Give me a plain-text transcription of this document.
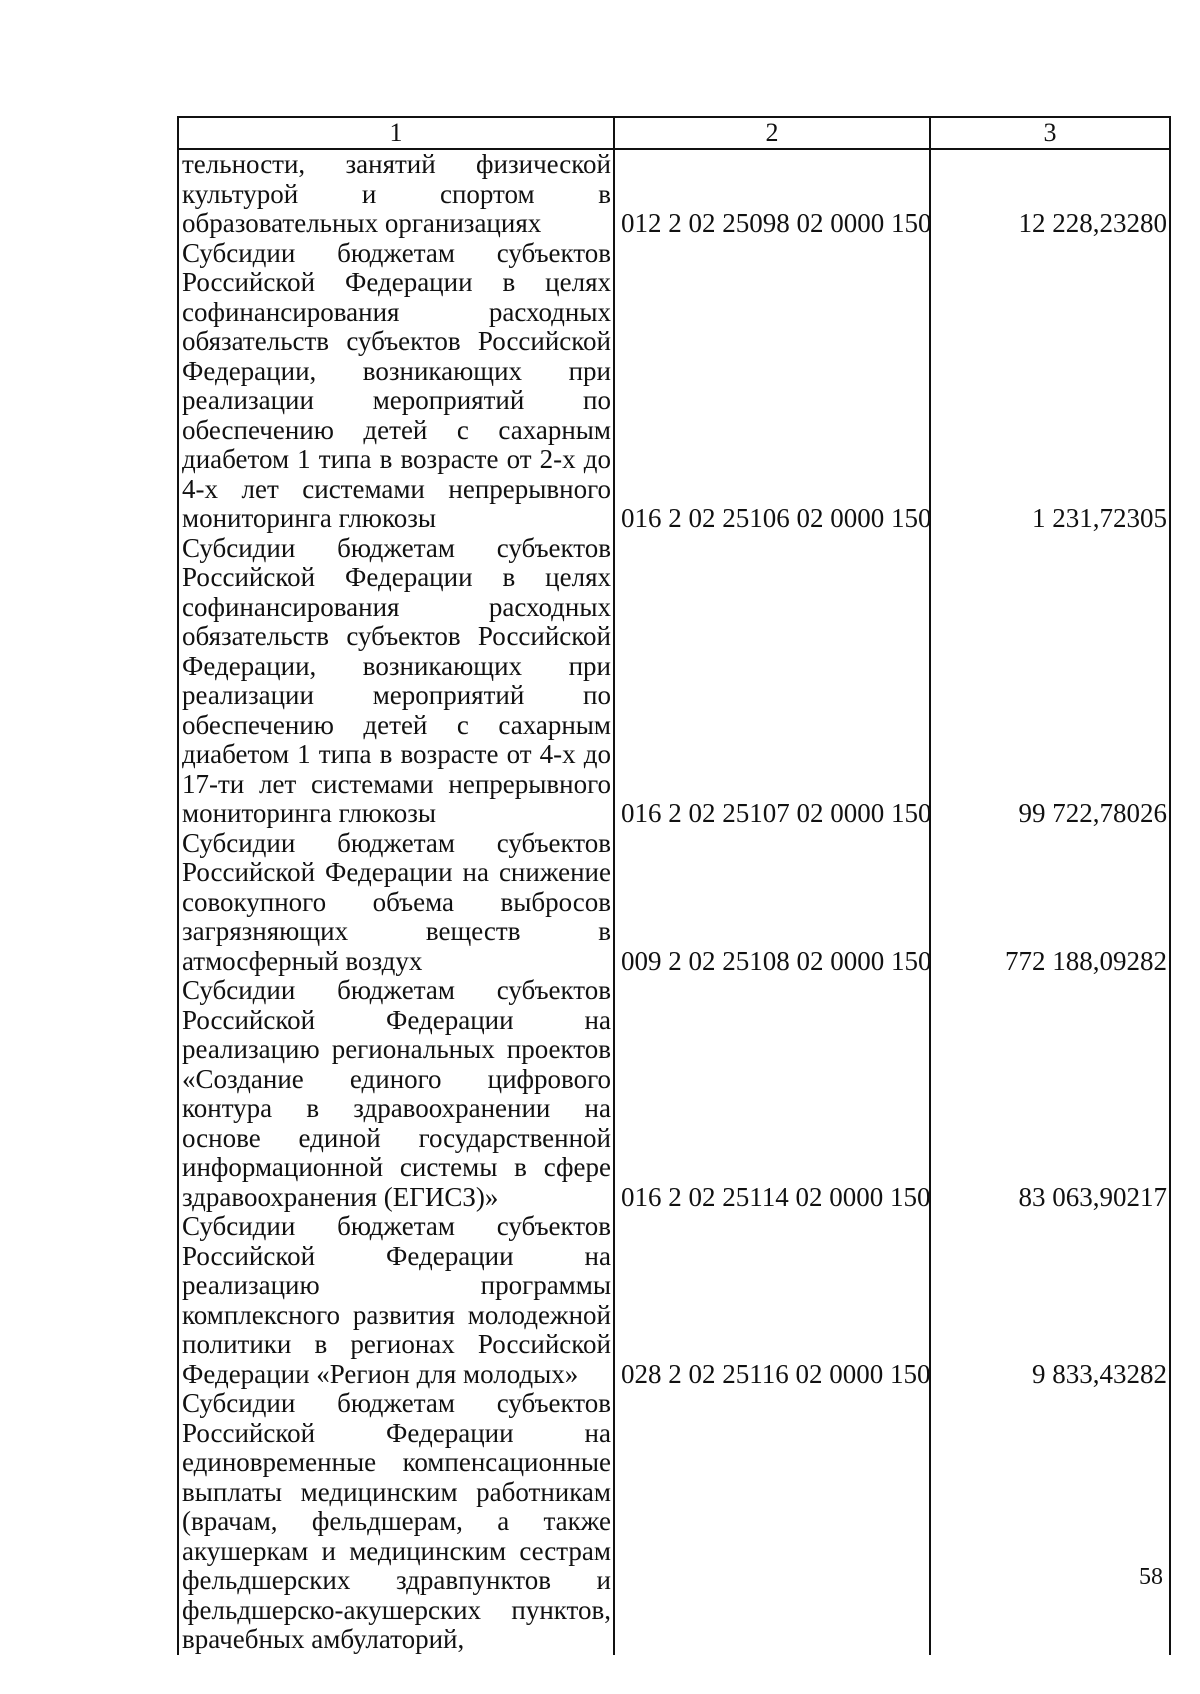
1	2	3
тельности, занятий физической культурой и спортом в образовательных организациях	012 2 02 25098 02 0000 150	12 228,23280
Субсидии бюджетам субъектов Российской Федерации в целях софинансирования расходных обязательств субъектов Российской Федерации, возникающих при реализации мероприятий по обеспечению детей с сахарным диабетом 1 типа в возрасте от 2-х до 4-х лет системами непрерывного мониторинга глюкозы	016 2 02 25106 02 0000 150	1 231,72305
Субсидии бюджетам субъектов Российской Федерации в целях софинансирования расходных обязательств субъектов Российской Федерации, возникающих при реализации мероприятий по обеспечению детей с сахарным диабетом 1 типа в возрасте от 4-х до 17-ти лет системами непрерывного мониторинга глюкозы	016 2 02 25107 02 0000 150	99 722,78026
Субсидии бюджетам субъектов Российской Федерации на снижение совокупного объема выбросов загрязняющих веществ в атмосферный воздух	009 2 02 25108 02 0000 150	772 188,09282
Субсидии бюджетам субъектов Российской Федерации на реализацию региональных проектов «Создание единого цифрового контура в здравоохранении на основе единой государственной информационной системы в сфере здравоохранения (ЕГИСЗ)»	016 2 02 25114 02 0000 150	83 063,90217
Субсидии бюджетам субъектов Российской Федерации на реализацию программы комплексного развития молодежной политики в регионах Российской Федерации «Регион для молодых»	028 2 02 25116 02 0000 150	9 833,43282
Субсидии бюджетам субъектов Российской Федерации на единовременные компенсационные выплаты медицинским работникам (врачам, фельдшерам, а также акушеркам и медицинским сестрам фельдшерских здравпунктов и фельдшерско-акушерских пунктов, врачебных амбулаторий,		
58
